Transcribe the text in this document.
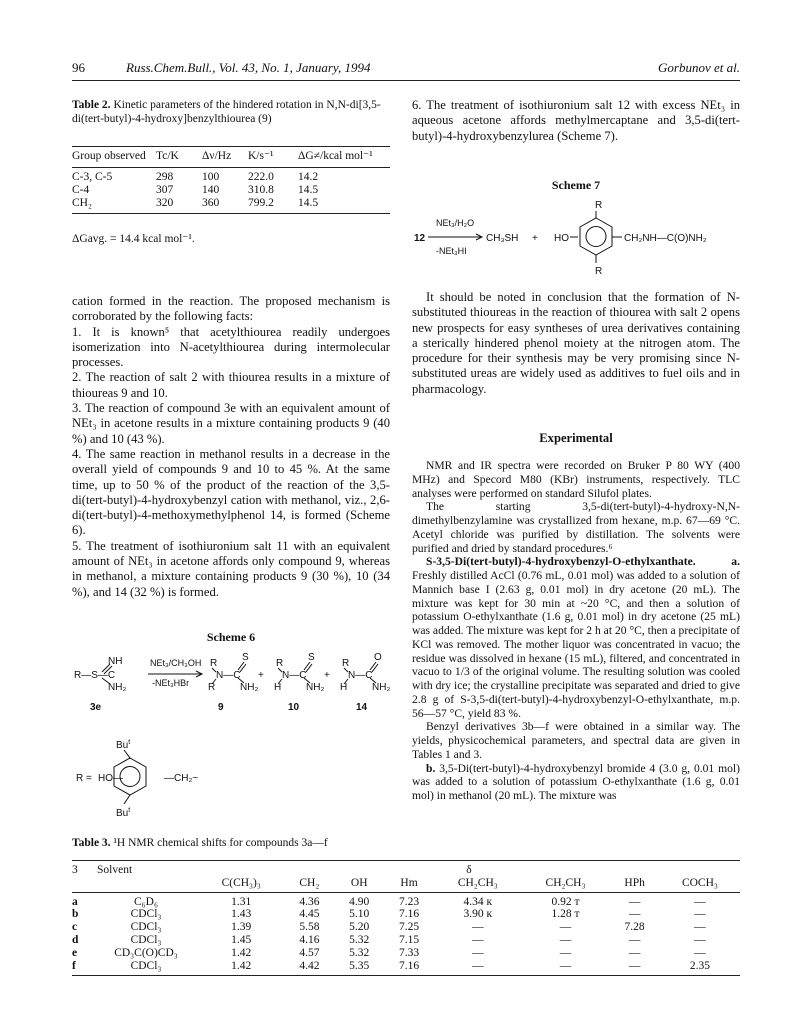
96	Russ.Chem.Bull., Vol. 43, No. 1, January, 1994	Gorbunov et al.
Table 2. Kinetic parameters of the hindered rotation in N,N-di[3,5-di(tert-butyl)-4-hydroxy]benzylthiourea (9)
Group observed	Tc/K	Δν/Hz	K/s⁻¹	ΔG≠/kcal mol⁻¹
C-3, C-5	298	100	222.0	14.2
C-4	307	140	310.8	14.5
CH₂	320	360	799.2	14.5
ΔGavg. = 14.4 kcal mol⁻¹.

cation formed in the reaction. The proposed mechanism is corroborated by the following facts:

1. It is known⁵ that acetylthiourea readily undergoes isomerization into N-acetylthiourea during intermolecular processes.

2. The reaction of salt 2 with thiourea results in a mixture of thioureas 9 and 10.

3. The reaction of compound 3e with an equivalent amount of NEt₃ in acetone results in a mixture containing products 9 (40 %) and 10 (43 %).

4. The same reaction in methanol results in a decrease in the overall yield of compounds 9 and 10 to 45 %. At the same time, up to 50 % of the product of the reaction of the 3,5-di(tert-butyl)-4-hydroxybenzyl cation with methanol, viz., 2,6-di(tert-butyl)-4-methoxymethylphenol 14, is formed (Scheme 6).

5. The treatment of isothiuronium salt 11 with an equivalent amount of NEt₃ in acetone affords only compound 9, whereas in methanol, a mixture containing products 9 (30 %), 10 (34 %), and 14 (32 %) is formed.

Scheme 6
R—S—C
NH
NH₂
NEt₃/CH₃OH
-NEt₃HBr
R
N—C
R
S
NH₂
+
R
N—C
H
S
NH₂
+
R
N—C
H
O
NH₂
3e	9	10	14
R = HO—	—CH₂~
Bu$^t$
Bu$^t$
6. The treatment of isothiuronium salt 12 with excess NEt₃ in aqueous acetone affords methylmercaptane and 3,5-di(tert-butyl)-4-hydroxybenzylurea (Scheme 7).
Scheme 7
12
NEt₃/H₂O
-NEt₃HI
CH₃SH + HO	CH₂NH—C(O)NH₂
R
R
It should be noted in conclusion that the formation of N-substituted thioureas in the reaction of thiourea with salt 2 opens new prospects for easy syntheses of urea derivatives containing a sterically hindered phenol moiety at the nitrogen atom. The procedure for their synthesis may be very promising since N-substituted ureas are widely used as additives to fuel oils and in pharmacology.
Experimental

NMR and IR spectra were recorded on Bruker P 80 WY (400 MHz) and Specord M80 (KBr) instruments, respectively. TLC analyses were performed on standard Silufol plates.

The starting 3,5-di(tert-butyl)-4-hydroxy-N,N-dimethylbenzylamine was crystallized from hexane, m.p. 67—69 °C. Acetyl chloride was purified by distillation. The solvents were purified and dried by standard procedures.⁶

S-3,5-Di(tert-butyl)-4-hydroxybenzyl-O-ethylxanthate. a. Freshly distilled AcCl (0.76 mL, 0.01 mol) was added to a solution of Mannich base I (2.63 g, 0.01 mol) in dry acetone (20 mL). The mixture was kept for 30 min at ~20 °C, and then a solution of potassium O-ethylxanthate (1.6 g, 0.01 mol) in dry acetone (25 mL) was added. The mixture was kept for 2 h at 20 °C, then a precipitate of KCl was removed. The mother liquor was concentrated in vacuo; the residue was dissolved in hexane (15 mL), filtered, and concentrated in vacuo to 1/3 of the original volume. The resulting solution was cooled with dry ice; the crystalline precipitate was separated and dried to give 2.8 g of S-3,5-di(tert-butyl)-4-hydroxybenzyl-O-ethylxanthate, m.p. 56—57 °C, yield 83 %.

Benzyl derivatives 3b—f were obtained in a similar way. The yields, physicochemical parameters, and spectral data are given in Tables 1 and 3.

b. 3,5-Di(tert-butyl)-4-hydroxybenzyl bromide 4 (3.0 g, 0.01 mol) was added to a solution of potassium O-ethylxanthate (1.6 g, 0.01 mol) in methanol (20 mL). The mixture was

Table 3. ¹H NMR chemical shifts for compounds 3a—f
3	Solvent	δ							
		C(CH₃)₃	CH₂	OH	Hm	CH₂CH₃	CH₂CH₃	HPh	COCH₃
a	C₆D₆	1.31	4.36	4.90	7.23	4.34 к	0.92 т	—	—
b	CDCl₃	1.43	4.45	5.10	7.16	3.90 к	1.28 т	—	—
c	CDCl₃	1.39	5.58	5.20	7.25	—	—	7.28	—
d	CDCl₃	1.45	4.16	5.32	7.15	—	—	—	—
e	CD₃C(O)CD₃	1.42	4.57	5.32	7.33	—	—	—	—
f	CDCl₃	1.42	4.42	5.35	7.16	—	—	—	2.35
